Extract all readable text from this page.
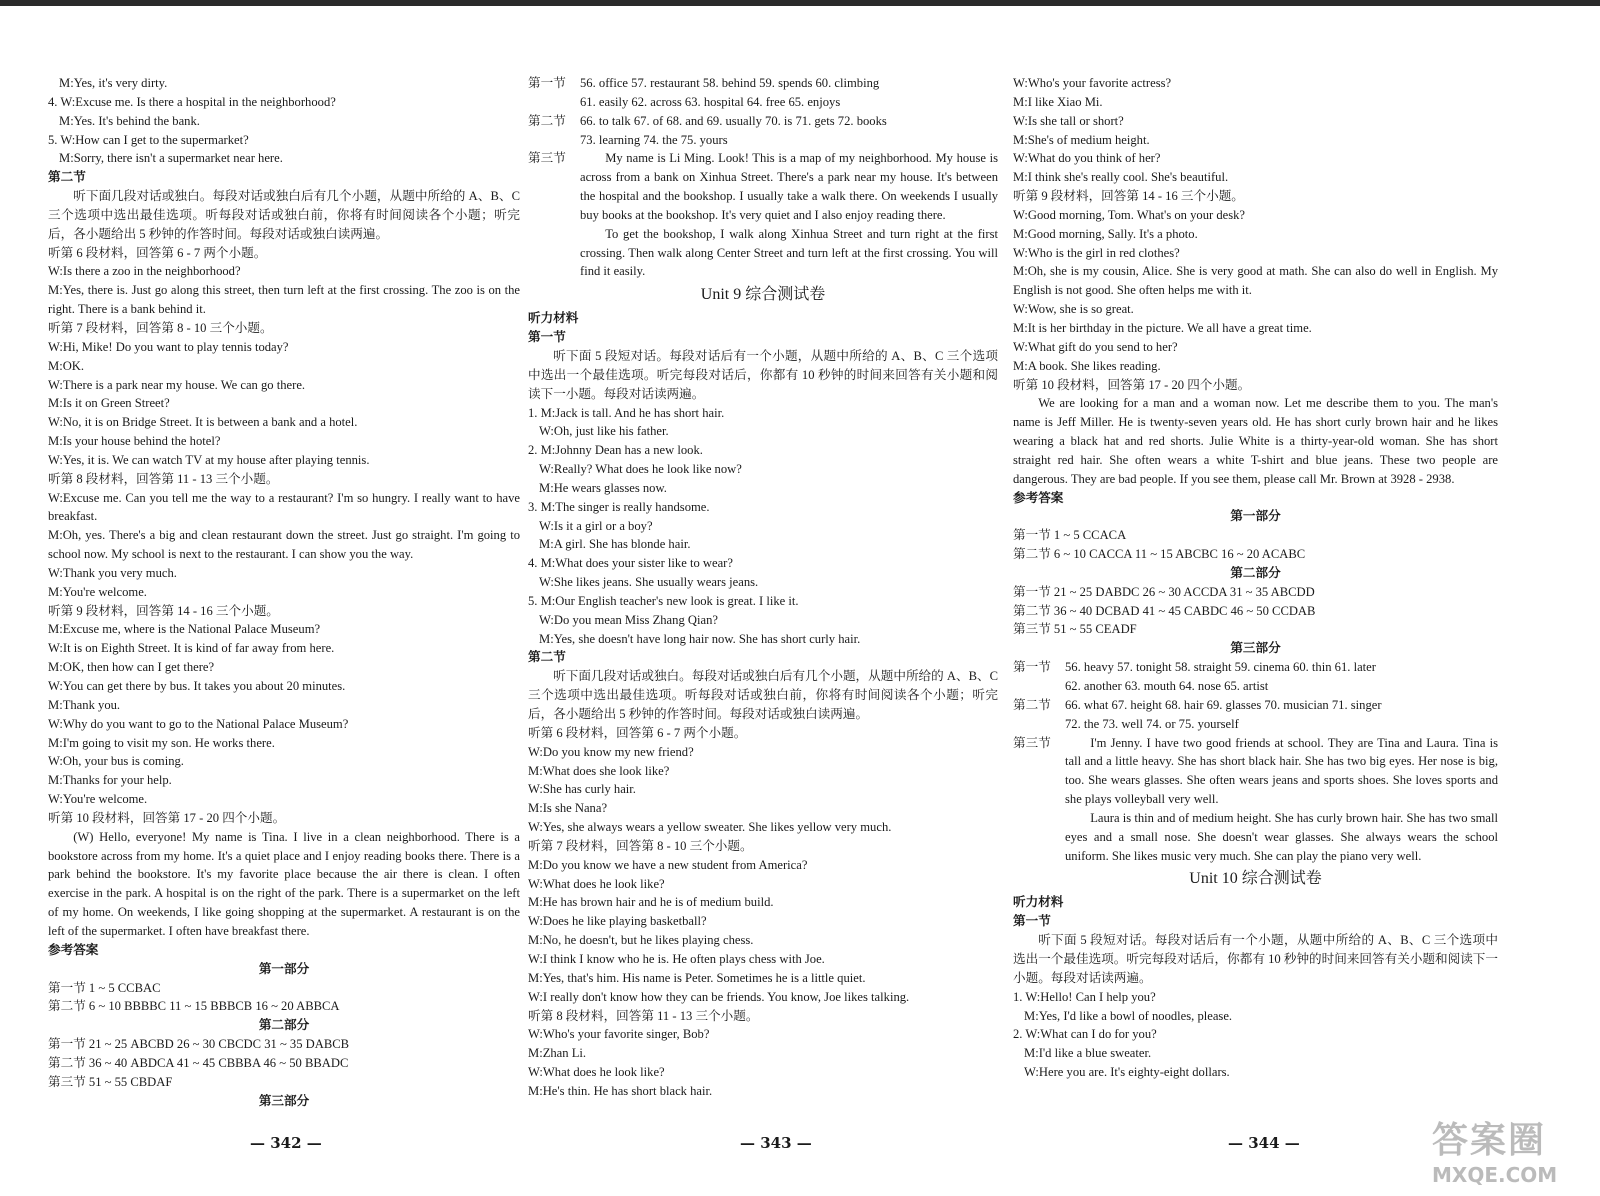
M:Yes, it's very dirty.
4. W:Excuse me. Is there a hospital in the neighborhood?
M:Yes. It's behind the bank.
5. W:How can I get to the supermarket?
M:Sorry, there isn't a supermarket near here.
第二节
听下面几段对话或独白。每段对话或独白后有几个小题，从题中所给的 A、B、C 三个选项中选出最佳选项。听每段对话或独白前，你将有时间阅读各个小题；听完后，各小题给出 5 秒钟的作答时间。每段对话或独白读两遍。
听第 6 段材料，回答第 6 - 7 两个小题。
W:Is there a zoo in the neighborhood?
M:Yes, there is. Just go along this street, then turn left at the first crossing. The zoo is on the right. There is a bank behind it.
听第 7 段材料，回答第 8 - 10 三个小题。
W:Hi, Mike! Do you want to play tennis today?
M:OK.
W:There is a park near my house. We can go there.
M:Is it on Green Street?
W:No, it is on Bridge Street. It is between a bank and a hotel.
M:Is your house behind the hotel?
W:Yes, it is. We can watch TV at my house after playing tennis.
听第 8 段材料，回答第 11 - 13 三个小题。
W:Excuse me. Can you tell me the way to a restaurant? I'm so hungry. I really want to have breakfast.
M:Oh, yes. There's a big and clean restaurant down the street. Just go straight. I'm going to school now. My school is next to the restaurant. I can show you the way.
W:Thank you very much.
M:You're welcome.
听第 9 段材料，回答第 14 - 16 三个小题。
M:Excuse me, where is the National Palace Museum?
W:It is on Eighth Street. It is kind of far away from here.
M:OK, then how can I get there?
W:You can get there by bus. It takes you about 20 minutes.
M:Thank you.
W:Why do you want to go to the National Palace Museum?
M:I'm going to visit my son. He works there.
W:Oh, your bus is coming.
M:Thanks for your help.
W:You're welcome.
听第 10 段材料，回答第 17 - 20 四个小题。
(W) Hello, everyone! My name is Tina. I live in a clean neighborhood. There is a bookstore across from my home. It's a quiet place and I enjoy reading books there. There is a park behind the bookstore. It's my favorite place because the air there is clean. I often exercise in the park. A hospital is on the right of the park. There is a supermarket on the left of my home. On weekends, I like going shopping at the supermarket. A restaurant is on the left of the supermarket. I often have breakfast there.
参考答案
第一部分
第一节 1 ~ 5 CCBAC
第二节 6 ~ 10 BBBBC 11 ~ 15 BBBCB 16 ~ 20 ABBCA
第二部分
第一节 21 ~ 25 ABCBD 26 ~ 30 CBCDC 31 ~ 35 DABCB
第二节 36 ~ 40 ABDCA 41 ~ 45 CBBBA 46 ~ 50 BBADC
第三节 51 ~ 55 CBDAF
第三部分
第一节 56. office 57. restaurant 58. behind 59. spends 60. climbing
61. easily 62. across 63. hospital 64. free 65. enjoys
第二节 66. to talk 67. of 68. and 69. usually 70. is 71. gets 72. books
73. learning 74. the 75. yours
第三节	My name is Li Ming. Look! This is a map of my neighborhood. My house is across from a bank on Xinhua Street. There's a park near my house. It's between the hospital and the bookshop. I usually take a walk there. On weekends I usually buy books at the bookshop. It's very quiet and I also enjoy reading there.
To get the bookshop, I walk along Xinhua Street and turn right at the first crossing. Then walk along Center Street and turn left at the first crossing. You will find it easily.
Unit 9 综合测试卷
听力材料
第一节
听下面 5 段短对话。每段对话后有一个小题，从题中所给的 A、B、C 三个选项中选出一个最佳选项。听完每段对话后，你都有 10 秒钟的时间来回答有关小题和阅读下一小题。每段对话读两遍。
1. M:Jack is tall. And he has short hair.
W:Oh, just like his father.
2. M:Johnny Dean has a new look.
W:Really? What does he look like now?
M:He wears glasses now.
3. M:The singer is really handsome.
W:Is it a girl or a boy?
M:A girl. She has blonde hair.
4. M:What does your sister like to wear?
W:She likes jeans. She usually wears jeans.
5. M:Our English teacher's new look is great. I like it.
W:Do you mean Miss Zhang Qian?
M:Yes, she doesn't have long hair now. She has short curly hair.
第二节
听下面几段对话或独白。每段对话或独白后有几个小题，从题中所给的 A、B、C 三个选项中选出最佳选项。听每段对话或独白前，你将有时间阅读各个小题；听完后，各小题给出 5 秒钟的作答时间。每段对话或独白读两遍。
听第 6 段材料，回答第 6 - 7 两个小题。
W:Do you know my new friend?
M:What does she look like?
W:She has curly hair.
M:Is she Nana?
W:Yes, she always wears a yellow sweater. She likes yellow very much.
听第 7 段材料，回答第 8 - 10 三个小题。
M:Do you know we have a new student from America?
W:What does he look like?
M:He has brown hair and he is of medium build.
W:Does he like playing basketball?
M:No, he doesn't, but he likes playing chess.
W:I think I know who he is. He often plays chess with Joe.
M:Yes, that's him. His name is Peter. Sometimes he is a little quiet.
W:I really don't know how they can be friends. You know, Joe likes talking.
听第 8 段材料，回答第 11 - 13 三个小题。
W:Who's your favorite singer, Bob?
M:Zhan Li.
W:What does he look like?
M:He's thin. He has short black hair.
W:Who's your favorite actress?
M:I like Xiao Mi.
W:Is she tall or short?
M:She's of medium height.
W:What do you think of her?
M:I think she's really cool. She's beautiful.
听第 9 段材料，回答第 14 - 16 三个小题。
W:Good morning, Tom. What's on your desk?
M:Good morning, Sally. It's a photo.
W:Who is the girl in red clothes?
M:Oh, she is my cousin, Alice. She is very good at math. She can also do well in English. My English is not good. She often helps me with it.
W:Wow, she is so great.
M:It is her birthday in the picture. We all have a great time.
W:What gift do you send to her?
M:A book. She likes reading.
听第 10 段材料，回答第 17 - 20 四个小题。
We are looking for a man and a woman now. Let me describe them to you. The man's name is Jeff Miller. He is twenty-seven years old. He has short curly brown hair and he likes wearing a black hat and red shorts. Julie White is a thirty-year-old woman. She has short straight red hair. She often wears a white T-shirt and blue jeans. These two people are dangerous. They are bad people. If you see them, please call Mr. Brown at 3928 - 2938.
参考答案
第一部分
第一节 1 ~ 5 CCACA
第二节 6 ~ 10 CACCA 11 ~ 15 ABCBC 16 ~ 20 ACABC
第二部分
第一节 21 ~ 25 DABDC 26 ~ 30 ACCDA 31 ~ 35 ABCDD
第二节 36 ~ 40 DCBAD 41 ~ 45 CABDC 46 ~ 50 CCDAB
第三节 51 ~ 55 CEADF
第三部分
第一节 56. heavy 57. tonight 58. straight 59. cinema 60. thin 61. later
62. another 63. mouth 64. nose 65. artist
第二节 66. what 67. height 68. hair 69. glasses 70. musician 71. singer
72. the 73. well 74. or 75. yourself
第三节	I'm Jenny. I have two good friends at school. They are Tina and Laura. Tina is tall and a little heavy. She has short black hair. She has two big eyes. Her nose is big, too. She wears glasses. She often wears jeans and sports shoes. She loves sports and she plays volleyball very well.
Laura is thin and of medium height. She has curly brown hair. She has two small eyes and a small nose. She doesn't wear glasses. She always wears the school uniform. She likes music very much. She can play the piano very well.
Unit 10 综合测试卷
听力材料
第一节
听下面 5 段短对话。每段对话后有一个小题，从题中所给的 A、B、C 三个选项中选出一个最佳选项。听完每段对话后，你都有 10 秒钟的时间来回答有关小题和阅读下一小题。每段对话读两遍。
1. W:Hello! Can I help you?
M:Yes, I'd like a bowl of noodles, please.
2. W:What can I do for you?
M:I'd like a blue sweater.
W:Here you are. It's eighty-eight dollars.
— 342 —	— 343 —	— 344 —	答案圈
MXQE.COM
